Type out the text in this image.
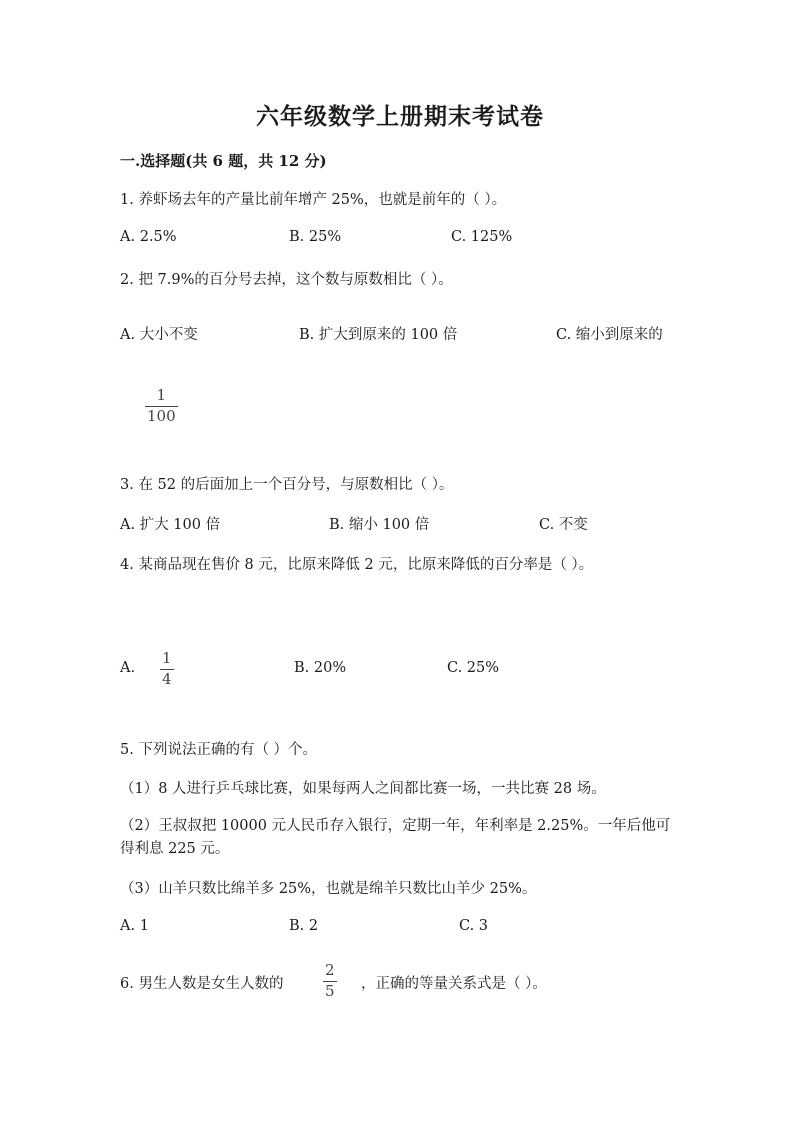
六年级数学上册期末考试卷
一.选择题(共 6 题，共 12 分)
1. 养虾场去年的产量比前年增产 25%，也就是前年的（ ）。
A. 2.5%	B. 25%	C. 125%
2. 把 7.9%的百分号去掉，这个数与原数相比（ ）。
A. 大小不变	B. 扩大到原来的 100 倍	C. 缩小到原来的
1
100
3. 在 52 的后面加上一个百分号，与原数相比（ ）。
A. 扩大 100 倍	B. 缩小 100 倍	C. 不变
4. 某商品现在售价 8 元，比原来降低 2 元，比原来降低的百分率是（ ）。
A.
1
4
B. 20%	C. 25%
5. 下列说法正确的有（ ）个。
（1）8 人进行乒乓球比赛，如果每两人之间都比赛一场，一共比赛 28 场。
（2）王叔叔把 10000 元人民币存入银行，定期一年，年利率是 2.25%。一年后他可得利息 225 元。
（3）山羊只数比绵羊多 25%，也就是绵羊只数比山羊少 25%。
A. 1	B. 2	C. 3
6. 男生人数是女生人数的
2
5 ，正确的等量关系式是（ ）。
